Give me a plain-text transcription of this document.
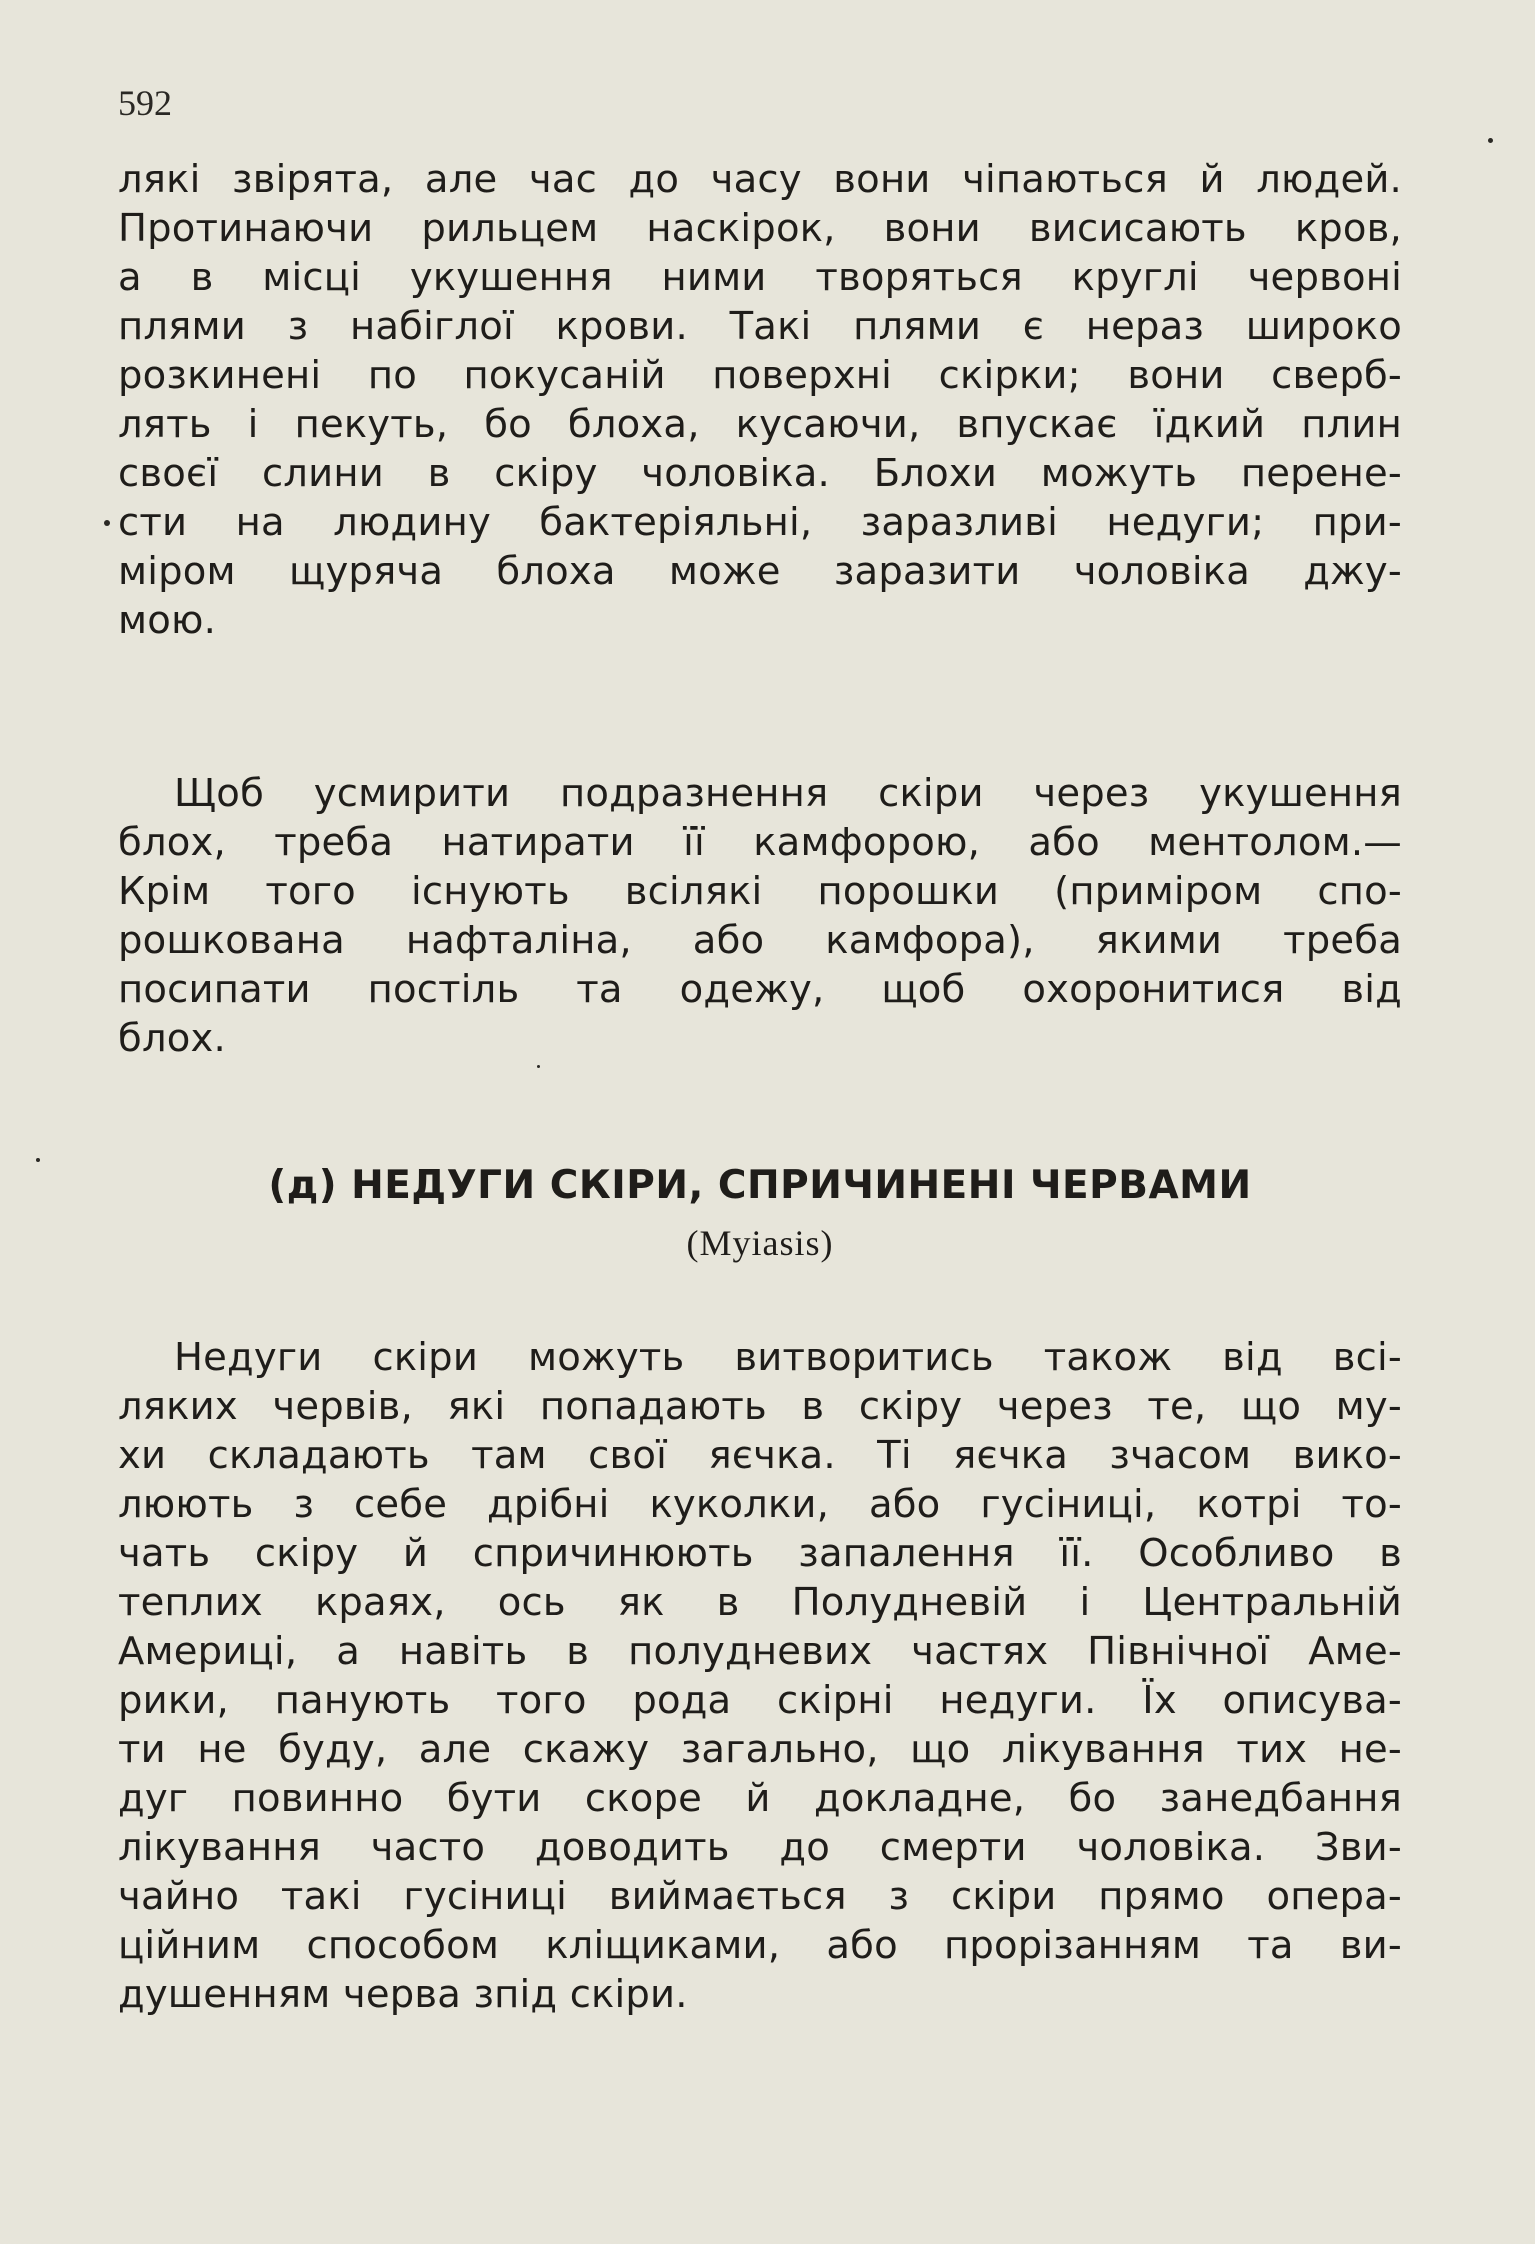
592
лякі звірята, але час до часу вони чіпаються й людей.
Протинаючи рильцем наскірок, вони висисають кров,
а в місці укушення ними творяться круглі червоні
плями з набіглої крови. Такі плями є нераз широко
розкинені по покусаній поверхні скірки; вони сверб-
лять і пекуть, бо блоха, кусаючи, впускає їдкий плин
своєї слини в скіру чоловіка. Блохи можуть перене-
сти на людину бактеріяльні, заразливі недуги; при-
міром щуряча блоха може заразити чоловіка джу-
мою.
Щоб усмирити подразнення скіри через укушення
блох, треба натирати її камфорою, або ментолом.—
Крім того існують всілякі порошки (приміром спо-
рошкована нафталіна, або камфора), якими треба
посипати постіль та одежу, щоб охоронитися від
блох.
(д) НЕДУГИ СКІРИ, СПРИЧИНЕНІ ЧЕРВАМИ
(Myiasis)
Недуги скіри можуть витворитись також від всі-
ляких червів, які попадають в скіру через те, що му-
хи складають там свої яєчка. Ті яєчка зчасом вико-
люють з себе дрібні куколки, або гусіниці, котрі то-
чать скіру й спричинюють запалення її. Особливо в
теплих краях, ось як в Полудневій і Центральній
Америці, а навіть в полудневих частях Північної Аме-
рики, панують того рода скірні недуги. Їх описува-
ти не буду, але скажу загально, що лікування тих не-
дуг повинно бути скоре й докладне, бо занедбання
лікування часто доводить до смерти чоловіка. Зви-
чайно такі гусіниці виймається з скіри прямо опера-
ційним способом кліщиками, або прорізанням та ви-
душенням черва зпід скіри.
